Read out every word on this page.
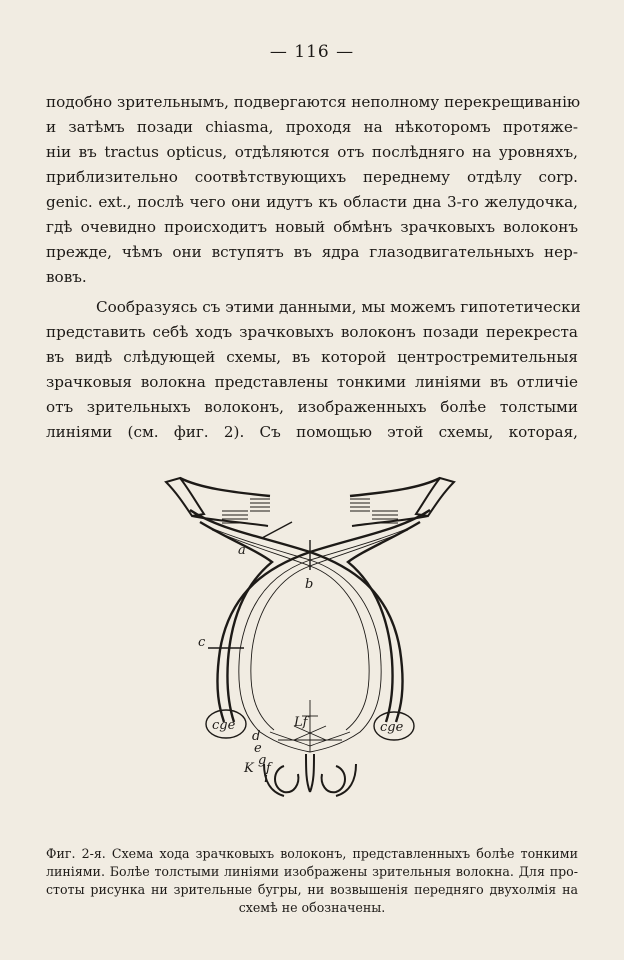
— 116 —

подобно зрительнымъ, подвергаются неполному перекрещиванію
и затѣмъ позади chiasma, проходя на нѣкоторомъ протяже-
ніи въ tractus opticus, отдѣляются отъ послѣдняго на уровняхъ,
приблизительно соотвѣтствующихъ переднему отдѣлу corp.
genic. ext., послѣ чего они идутъ къ области дна 3-го желудочка,
гдѣ очевидно происходитъ новый обмѣнъ зрачковыхъ волоконъ
прежде, чѣмъ они вступятъ въ ядра глазодвигательныхъ нер-
вовъ.

Сообразуясь съ этими данными, мы можемъ гипотетически
представить себѣ ходъ зрачковыхъ волоконъ позади перекреста
въ видѣ слѣдующей схемы, въ которой центростремительныя
зрачковыя волокна представлены тонкими линіями въ отличіе
отъ зрительныхъ волоконъ, изображенныхъ болѣе толстыми
линіями (см. фиг. 2). Съ помощью этой схемы, которая,

a
b
c
cge	cge
Lf
d
e
g
f
K
i
Фиг. 2-я. Схема хода зрачковыхъ волоконъ, представленныхъ болѣе тонкими
линіями. Болѣе толстыми линіями изображены зрительныя волокна. Для про-
стоты рисунка ни зрительные бугры, ни возвышенія передняго двухолмія на
схемѣ не обозначены.
